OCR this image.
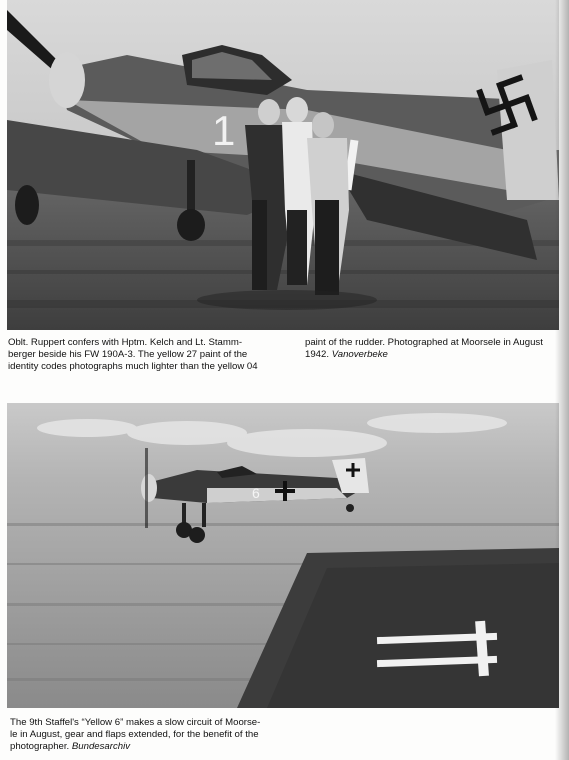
1

Oblt. Ruppert confers with Hptm. Kelch and Lt. Stamm-
berger beside his FW 190A-3. The yellow 27 paint of the
identity codes photographs much lighter than the yellow 04

paint of the rudder. Photographed at Moorsele in August
1942. Vanoverbeke

6

The 9th Staffel's “Yellow 6” makes a slow circuit of Moorse-
le in August, gear and flaps extended, for the benefit of the
photographer. Bundesarchiv
